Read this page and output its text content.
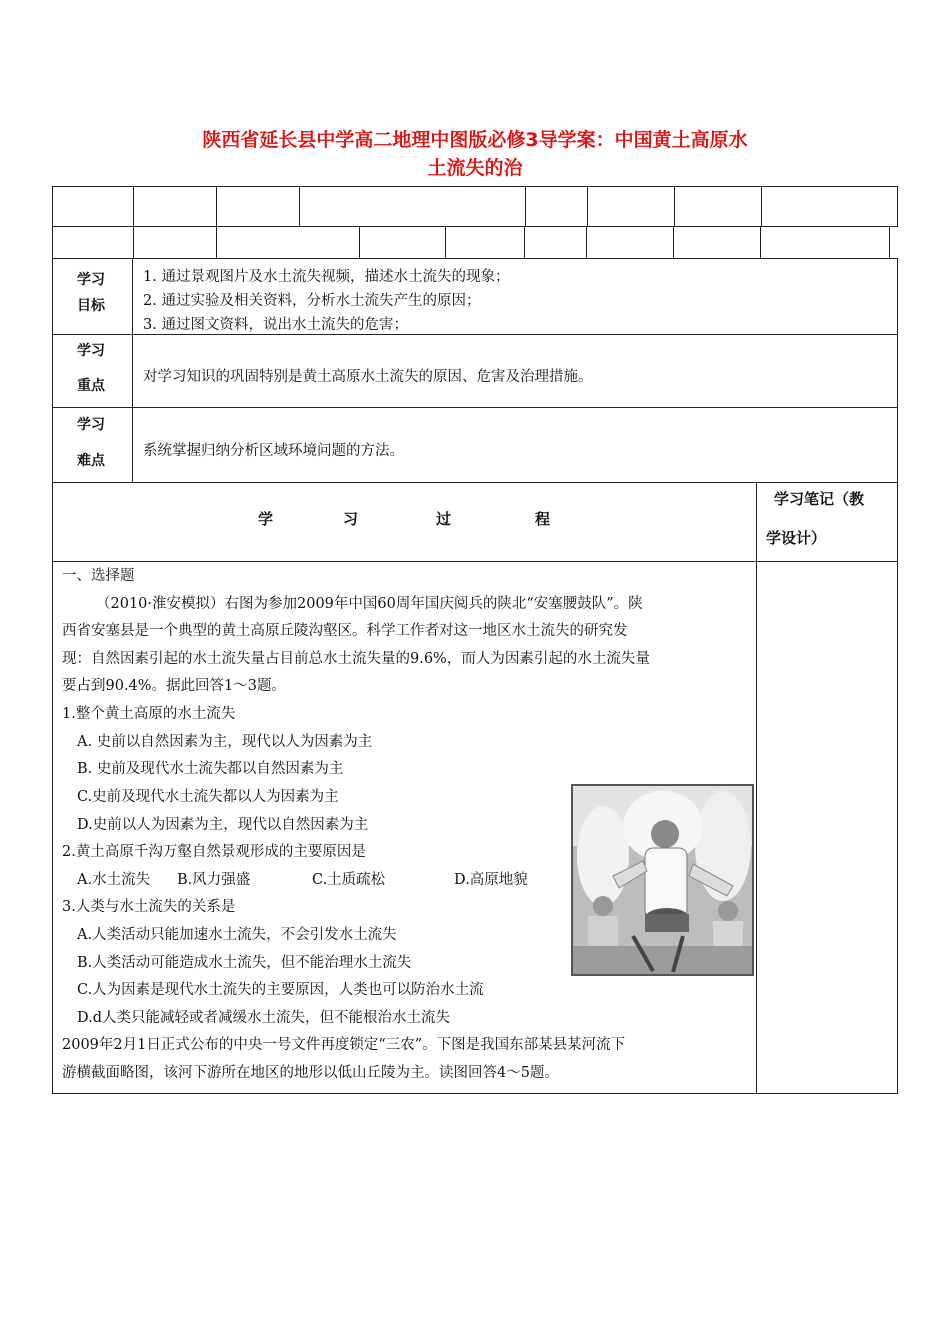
陕西省延长县中学高二地理中图版必修3导学案：中国黄土高原水
土流失的治

学习
目标
1. 通过景观图片及水土流失视频，描述水土流失的现象；
2. 通过实验及相关资料，分析水土流失产生的原因；
3. 通过图文资料，说出水土流失的危害；
学习
重点
对学习知识的巩固特别是黄土高原水土流失的原因、危害及治理措施。
学习
难点
系统掌握归纳分析区域环境问题的方法。
学	习	过	程
学习笔记（教
学设计）
一、选择题
（2010·淮安模拟）右图为参加2009年中国60周年国庆阅兵的陕北“安塞腰鼓队”。陕
西省安塞县是一个典型的黄土高原丘陵沟壑区。科学工作者对这一地区水土流失的研究发
现：自然因素引起的水土流失量占目前总水土流失量的9.6%，而人为因素引起的水土流失量
要占到90.4%。据此回答1～3题。
1.整个黄土高原的水土流失
A. 史前以自然因素为主，现代以人为因素为主
B. 史前及现代水土流失都以自然因素为主
C.史前及现代水土流失都以人为因素为主
D.史前以人为因素为主，现代以自然因素为主
2.黄土高原千沟万壑自然景观形成的主要原因是
A.水土流失 B.风力强盛	C.土质疏松	D.高原地貌
3.人类与水土流失的关系是
A.人类活动只能加速水土流失，不会引发水土流失
B.人类活动可能造成水土流失，但不能治理水土流失
C.人为因素是现代水土流失的主要原因，人类也可以防治水土流
D.d人类只能减轻或者减缓水土流失，但不能根治水土流失
2009年2月1日正式公布的中央一号文件再度锁定“三农”。下图是我国东部某县某河流下
游横截面略图，该河下游所在地区的地形以低山丘陵为主。读图回答4～5题。
